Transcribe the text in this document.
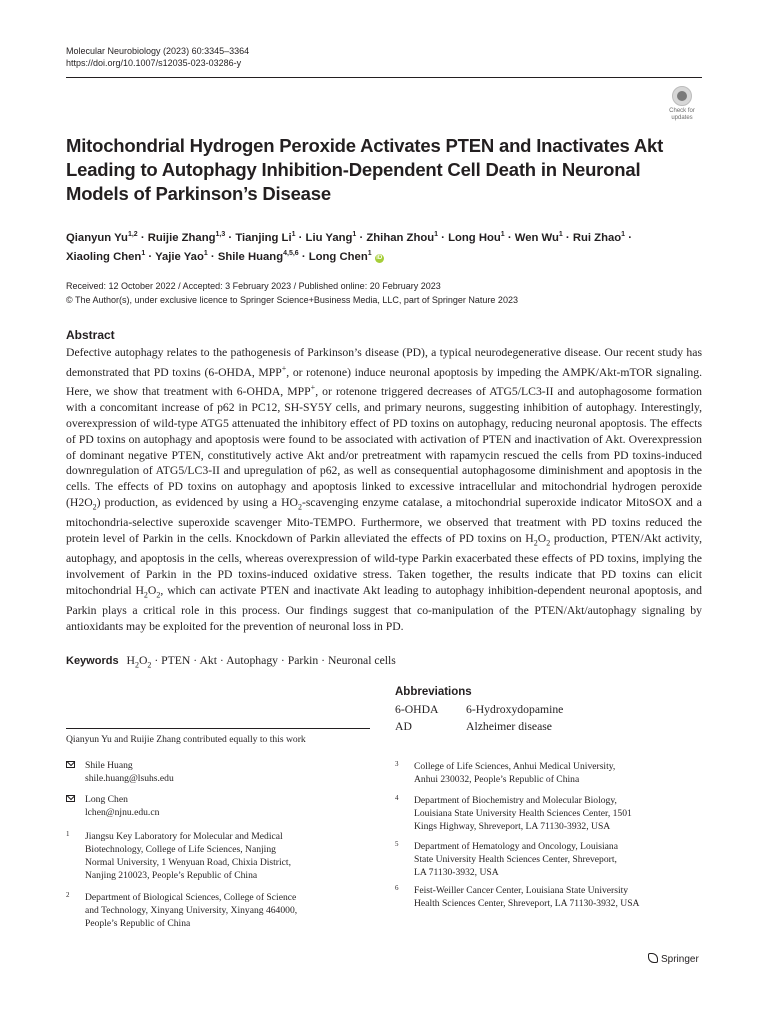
Molecular Neurobiology (2023) 60:3345–3364
https://doi.org/10.1007/s12035-023-03286-y
Check for
updates
Mitochondrial Hydrogen Peroxide Activates PTEN and Inactivates Akt Leading to Autophagy Inhibition-Dependent Cell Death in Neuronal Models of Parkinson’s Disease
Qianyun Yu$^{1,2}$ · Ruijie Zhang$^{1,3}$ · Tianjing $Li^1$ · Liu Yang$^1$ · Zhihan Zhou$^1$ · Long Hou$^1$ · Wen $Wu^1$ · Rui Zhao$^1$ ·
Xiaoling Chen$^1$ · Yajie Yao$^1$ · Shile Huang$^{4,5,6}$ · Long Chen$^1$ iD
Received: 12 October 2022 / Accepted: 3 February 2023 / Published online: 20 February 2023
© The Author(s), under exclusive licence to Springer Science+Business Media, LLC, part of Springer Nature 2023
Abstract
Defective autophagy relates to the pathogenesis of Parkinson’s disease (PD), a typical neurodegenerative disease. Our recent study has demonstrated that PD toxins (6-OHDA, MPP+, or rotenone) induce neuronal apoptosis by impeding the AMPK/Akt-mTOR signaling. Here, we show that treatment with 6-OHDA, MPP+, or rotenone triggered decreases of ATG5/LC3-II and autophagosome formation with a concomitant increase of p62 in PC12, SH-SY5Y cells, and primary neurons, suggesting inhibition of autophagy. Interestingly, overexpression of wild-type ATG5 attenuated the inhibitory effect of PD toxins on autophagy, reducing neuronal apoptosis. The effects of PD toxins on autophagy and apoptosis were found to be associated with activation of PTEN and inactivation of Akt. Overexpression of dominant negative PTEN, constitutively active Akt and/or pretreatment with rapamycin rescued the cells from PD toxins-induced downregulation of ATG5/LC3-II and upregulation of p62, as well as consequential autophagosome diminishment and apoptosis in the cells. The effects of PD toxins on autophagy and apoptosis linked to excessive intracellular and mitochondrial hydrogen peroxide $(H2O_2)$ production, as evidenced by using a $HO_2$-scavenging enzyme catalase, a mitochondrial superoxide indicator MitoSOX and a mitochondria-selective superoxide scavenger Mito-TEMPO. Furthermore, we observed that treatment with PD toxins reduced the protein level of Parkin in the cells. Knockdown of Parkin alleviated the effects of PD toxins on $H_2O_2$ production, PTEN/Akt activity, autophagy, and apoptosis in the cells, whereas overexpression of wild-type Parkin exacerbated these effects of PD toxins, implying the involvement of Parkin in the PD toxins-induced oxidative stress. Taken together, the results indicate that PD toxins can elicit mitochondrial $H_2O_2$, which can activate PTEN and inactivate Akt leading to autophagy inhibition-dependent neuronal apoptosis, and Parkin plays a critical role in this process. Our findings suggest that co-manipulation of the PTEN/Akt/autophagy signaling by antioxidants may be exploited for the prevention of neuronal loss in PD.
Keywords $H_2O_2$ · PTEN · Akt · Autophagy · Parkin · Neuronal cells
Abbreviations
6-OHDA 6-Hydroxydopamine
AD	Alzheimer disease
Qianyun Yu and Ruijie Zhang contributed equally to this work
Shile Huang
shile.huang@lsuhs.edu
Long Chen
lchen@njnu.edu.cn
1 Jiangsu Key Laboratory for Molecular and Medical
Biotechnology, College of Life Sciences, Nanjing
Normal University, 1 Wenyuan Road, Chixia District,
Nanjing 210023, People’s Republic of China
2 Department of Biological Sciences, College of Science
and Technology, Xinyang University, Xinyang 464000,
People’s Republic of China
3 College of Life Sciences, Anhui Medical University,
Anhui 230032, People’s Republic of China
4 Department of Biochemistry and Molecular Biology,
Louisiana State University Health Sciences Center, 1501
Kings Highway, Shreveport, LA 71130-3932, USA
5 Department of Hematology and Oncology, Louisiana
State University Health Sciences Center, Shreveport,
LA 71130-3932, USA
6 Feist-Weiller Cancer Center, Louisiana State University
Health Sciences Center, Shreveport, LA 71130-3932, USA
Springer
